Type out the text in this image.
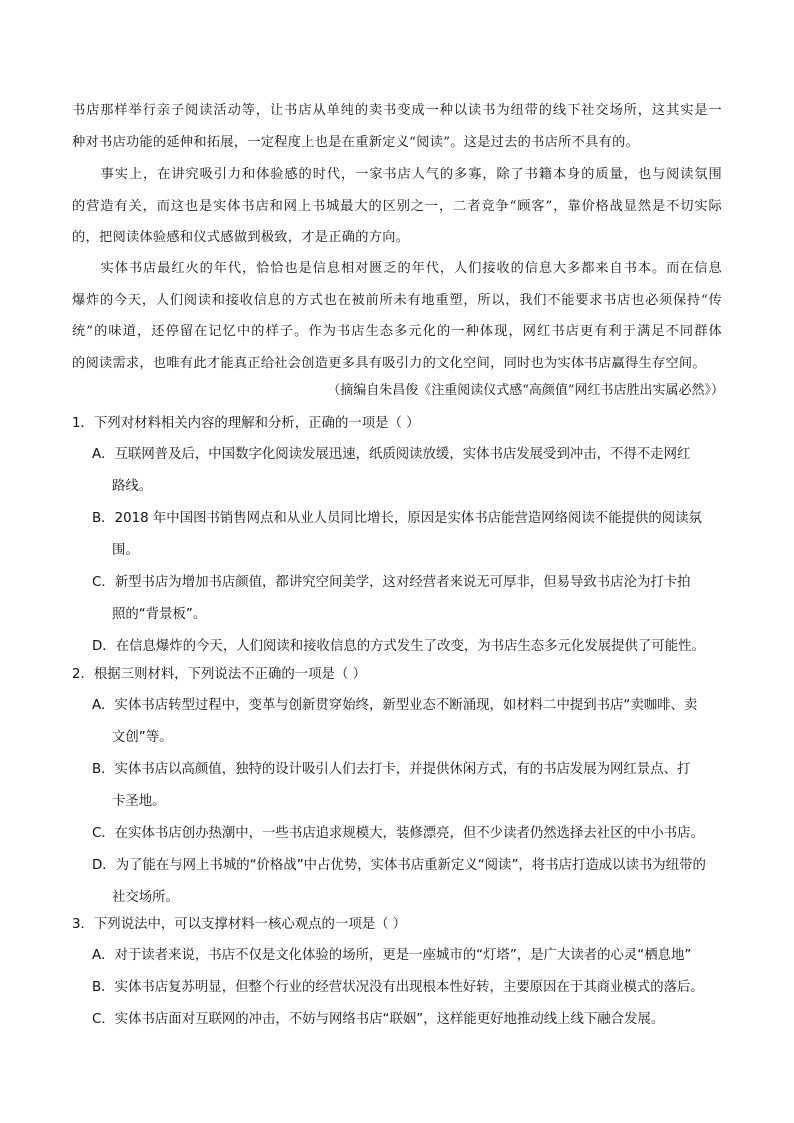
书店那样举行亲子阅读活动等，让书店从单纯的卖书变成一种以读书为纽带的线下社交场所，这其实是一
种对书店功能的延伸和拓展，一定程度上也是在重新定义“阅读”。这是过去的书店所不具有的。
事实上，在讲究吸引力和体验感的时代，一家书店人气的多寡，除了书籍本身的质量，也与阅读氛围
的营造有关，而这也是实体书店和网上书城最大的区别之一，二者竞争“顾客”，靠价格战显然是不切实际
的，把阅读体验感和仪式感做到极致，才是正确的方向。
实体书店最红火的年代，恰恰也是信息相对匮乏的年代，人们接收的信息大多都来自书本。而在信息
爆炸的今天，人们阅读和接收信息的方式也在被前所未有地重塑，所以，我们不能要求书店也必须保持“传
统”的味道，还停留在记忆中的样子。作为书店生态多元化的一种体现，网红书店更有利于满足不同群体
的阅读需求，也唯有此才能真正给社会创造更多具有吸引力的文化空间，同时也为实体书店赢得生存空间。
（摘编自朱昌俊《注重阅读仪式感“高颜值”网红书店胜出实属必然》）
1．下列对材料相关内容的理解和分析，正确的一项是（ ）
A．互联网普及后，中国数字化阅读发展迅速，纸质阅读放缓，实体书店发展受到冲击，不得不走网红
路线。
B．2018 年中国图书销售网点和从业人员同比增长，原因是实体书店能营造网络阅读不能提供的阅读氛
围。
C．新型书店为增加书店颜值，都讲究空间美学，这对经营者来说无可厚非，但易导致书店沦为打卡拍
照的“背景板”。
D．在信息爆炸的今天，人们阅读和接收信息的方式发生了改变，为书店生态多元化发展提供了可能性。
2．根据三则材料，下列说法不正确的一项是（ ）
A．实体书店转型过程中，变革与创新贯穿始终，新型业态不断涌现，如材料二中提到书店“卖咖啡、卖
文创”等。
B．实体书店以高颜值，独特的设计吸引人们去打卡，并提供休闲方式，有的书店发展为网红景点、打
卡圣地。
C．在实体书店创办热潮中，一些书店追求规模大，装修漂亮，但不少读者仍然选择去社区的中小书店。
D．为了能在与网上书城的“价格战”中占优势，实体书店重新定义“阅读”，将书店打造成以读书为纽带的
社交场所。
3．下列说法中，可以支撑材料一核心观点的一项是（ ）
A．对于读者来说，书店不仅是文化体验的场所，更是一座城市的“灯塔”，是广大读者的心灵“栖息地”
B．实体书店复苏明显，但整个行业的经营状况没有出现根本性好转，主要原因在于其商业模式的落后。
C．实体书店面对互联网的冲击，不妨与网络书店“联姻”，这样能更好地推动线上线下融合发展。
